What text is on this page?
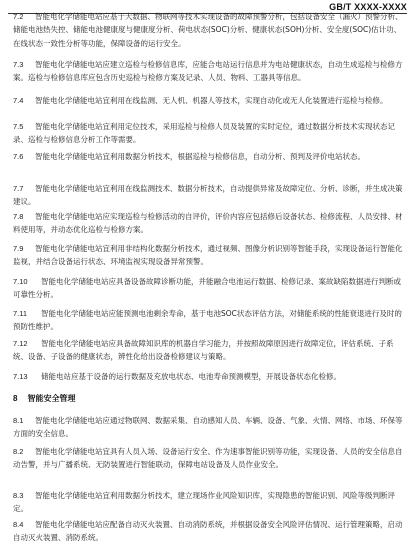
GB/T XXXX-XXXX
7.2 智能电化学储能电站应基于大数据、物联网等技术实现设备的故障预警分析，包括设备安全（漏火）预警分析、储能电池热失控、储能电池健康度与健康度分析、荷电状态(SOC)分析、健康状态(SOH)分析、安全度(SOC)估计功、在线状态一致性分析等功能，保障设备的运行安全。
7.3 智能电化学储能电站应建立巡检与检修信息库，应能合电站运行信息并为电站健康状态，自动生成巡检与检修方案。巡检与检修信息库应包含历史巡检与检修方案及记录、人员、物料、工器具等信息。
7.4 智能电化学储能电站宜利用在线监测、无人机、机器人等技术，实现自动化或无人化装置进行巡检与检修。
7.5 智能电化学储能电站宜利用定位技术，采用巡检与检修人员及装置的实时定位，通过数据分析技术实现状态记录、巡检与检修信息分析工作等需要。
7.6 智能电化学储能电站宜利用数据分析技术，根据巡检与检修信息，自动分析、预判及评价电站状态。
7.7 智能电化学储能电站宜利用在线监测技术、数据分析技术，自动提供异常及故障定位、分析、诊断，并生成决策建议。
7.8 智能电化学储能电站应实现巡检与检修活动的自评价，评价内容应包括修后设备状态、检修流程、人员安排、材料使用等，并动态优化巡检与检修方案。
7.9 智能电化学储能电站宜利用非结构化数据分析技术，通过视频、图像分析识别等智能手段，实现设备运行智能化监视，并结合设备运行状态、环境监视实现设备异常预警。
7.10 智能电化学储能电站应具备设备故障诊断功能，并能融合电池运行数据、检修记录、案故缺陷数据进行判断或可靠性分析。
7.11 智能电化学储能电站应能预测电池剩余寿命，基于电池SOC状态评估方法，对储能系统的性能衰退进行及时的预防性维护。
7.12 智能电化学储能电站应具备故障知识库的机器自学习能力，并按照故障原因进行故障定位，评估系统、子系统、设备、子设备的健康状态，辨性化给出设备检修建议与策略。
7.13 储能电站应基于设备的运行数据及充放电状态、电池寿命预测模型，开展设备状态化检修。
8 智能安全管理
8.1 智能电化学储能电站应通过物联网、数据采集、自动感知人员、车辆、设备、气象、火情、网络、市场、环保等方面的安全信息。
8.2 智能电化学储能电站宜具有人员入场、设备运行安全、作为速事智能识别等功能，实现设备、人员的安全信息自动告警，并与广播系统、无防装置进行智能联动，保障电站设备及人员作业安全。
8.3 智能电化学储能电站宜利用数据分析技术，建立现场作业风险知识库，实现隐患的智能识别、风险等级判断评定。
8.4 智能电化学储能电站应配备自动灭火装置、自动消防系统，并根据设备安全风险评估情况、运行管理策略，启动自动灭火装置、消防系统。
